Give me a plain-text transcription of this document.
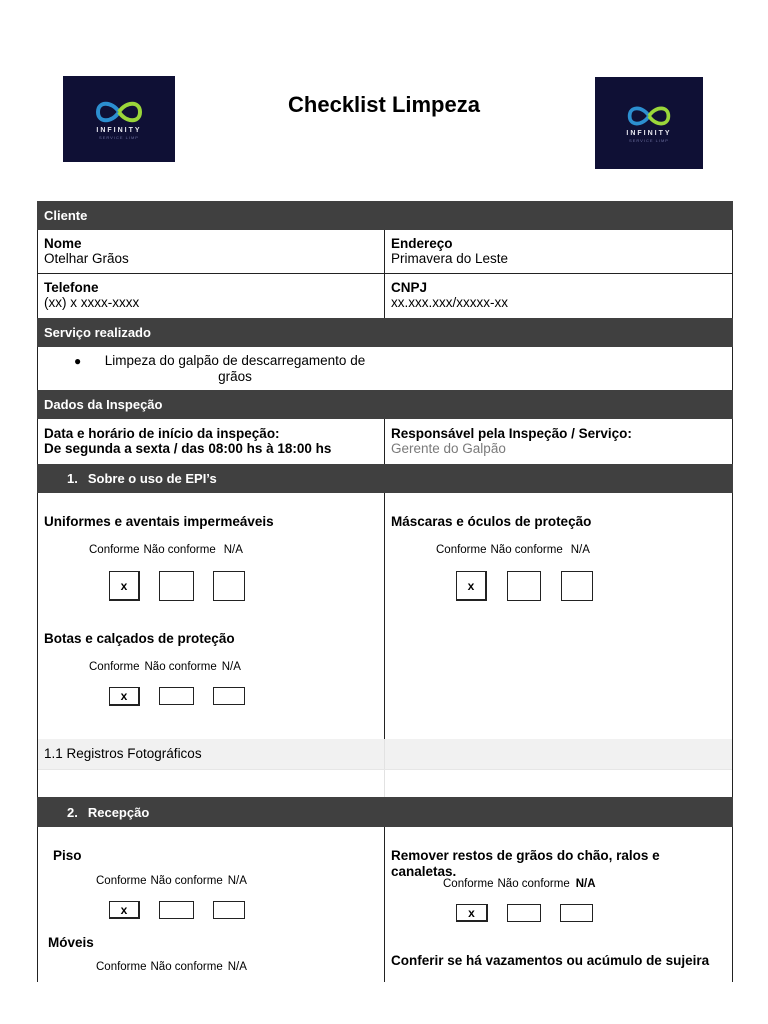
INFINITY
SERVICE LIMP
Checklist Limpeza
INFINITY
SERVICE LIMP
Cliente
Nome
Otelhar Grãos
Endereço
Primavera do Leste
Telefone
(xx) x xxxx-xxxx
CNPJ
xx.xxx.xxx/xxxxx-xx
Serviço realizado
●	Limpeza do galpão de descarregamento de grãos
Dados da Inspeção
Data e horário de início da inspeção:
De segunda a sexta / das 08:00 hs à 18:00 hs
Responsável pela Inspeção / Serviço:
Gerente do Galpão
1. Sobre o uso de EPI’s
Uniformes e aventais impermeáveis
Conforme Não conforme N/A
x
Máscaras e óculos de proteção
Conforme Não conforme N/A
x
Botas e calçados de proteção
Conforme Não conforme N/A
x
1.1 Registros Fotográficos
2. Recepção
Piso
Conforme Não conforme N/A
x
Remover restos de grãos do chão, ralos e canaletas.
Conforme Não conforme N/A
x
Móveis
Conforme Não conforme N/A	Conferir se há vazamentos ou acúmulo de sujeira
